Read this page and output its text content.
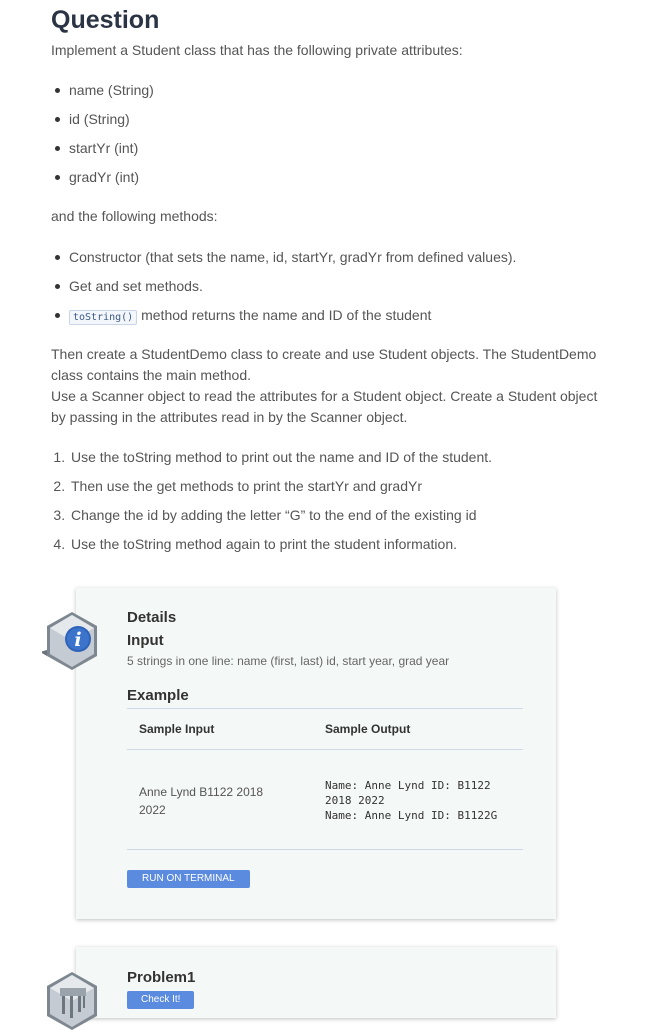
Question

Implement a Student class that has the following private attributes:

name (String)
id (String)
startYr (int)
gradYr (int)

and the following methods:

Constructor (that sets the name, id, startYr, gradYr from defined values).
Get and set methods.
toString() method returns the name and ID of the student

Then create a StudentDemo class to create and use Student objects. The StudentDemo class contains the main method.

Use a Scanner object to read the attributes for a Student object. Create a Student object by passing in the attributes read in by the Scanner object.

1. Use the toString method to print out the name and ID of the student.
2. Then use the get methods to print the startYr and gradYr
3. Change the id by adding the letter “G” to the end of the existing id
4. Use the toString method again to print the student information.
Details
Input
5 strings in one line: name (first, last) id, start year, grad year
Example
Sample Input	Sample Output

Anne Lynd B1122 2018 2022	Name: Anne Lynd ID: B1122
2018 2022
Name: Anne Lynd ID: B1122G
RUN ON TERMINAL
i
Problem1
Check It!
